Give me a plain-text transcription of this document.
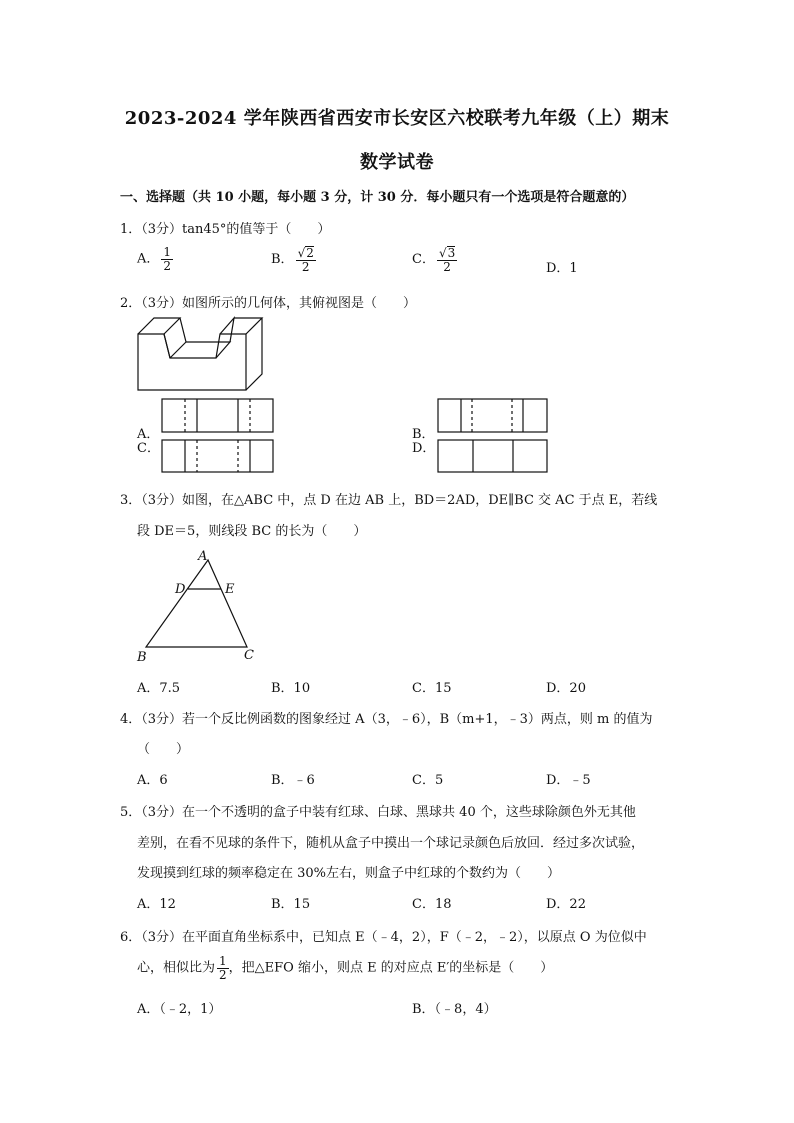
2023-2024 学年陕西省西安市长安区六校联考九年级（上）期末
数学试卷
一、选择题（共 10 小题，每小题 3 分，计 30 分．每小题只有一个选项是符合题意的）
1．（3分）tan45°的值等于（　　）
A． $\frac{1}{2}$	B． $\frac{√2}{2}$	C． $\frac{√3}{2}$	D．1
2．（3分）如图所示的几何体，其俯视图是（　　）
A．	B．
C．	D．
3．（3分）如图，在△ABC 中，点 D 在边 AB 上，BD＝2AD，DE∥BC 交 AC 于点 E，若线
段 DE＝5，则线段 BC 的长为（　　）
A
D	E
B	C
A．7.5	B．10	C．15	D．20
4．（3分）若一个反比例函数的图象经过 A（3，﹣6），B（m+1，﹣3）两点，则 m 的值为
（　　）
A．6	B．﹣6	C．5	D．﹣5
5．（3分）在一个不透明的盒子中装有红球、白球、黑球共 40 个，这些球除颜色外无其他
差别，在看不见球的条件下，随机从盒子中摸出一个球记录颜色后放回．经过多次试验，
发现摸到红球的频率稳定在 30%左右，则盒子中红球的个数约为（　　）
A．12	B．15	C．18	D．22
6．（3分）在平面直角坐标系中，已知点 E（﹣4，2），F（﹣2，﹣2），以原点 O 为位似中
心，相似比为 $\frac{1}{2}$ ，把△EFO 缩小，则点 E 的对应点 E′的坐标是（　　）
A．（﹣2，1）	B．（﹣8，4）
